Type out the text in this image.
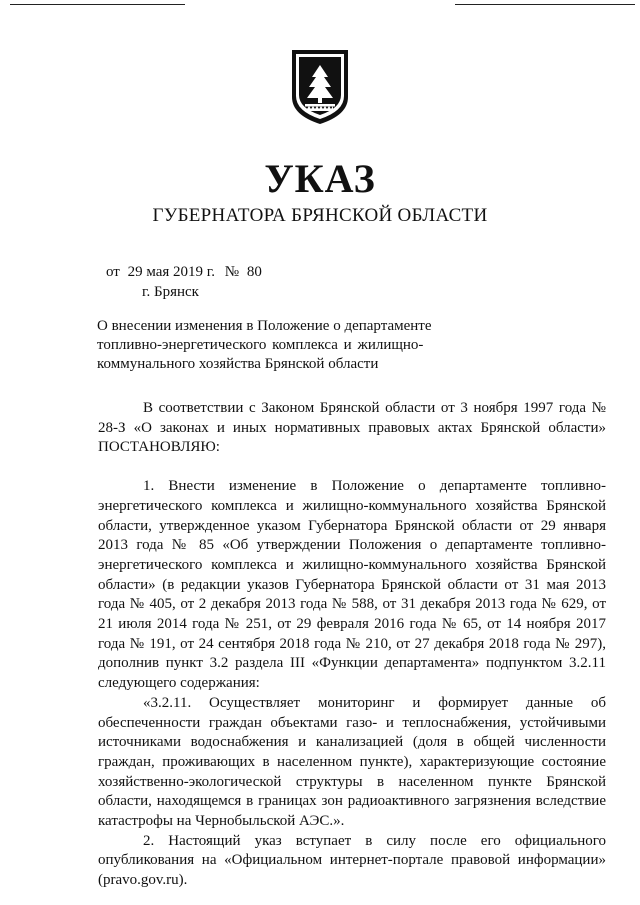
УКАЗ
ГУБЕРНАТОРА БРЯНСКОЙ ОБЛАСТИ
от 29 мая 2019 г. № 80
г. Брянск
О внесении изменения в Положение о департаменте
топливно-энергетического комплекса и жилищно-
коммунального хозяйства Брянской области

В соответствии с Законом Брянской области от 3 ноября 1997 года № 28-З «О законах и иных нормативных правовых актах Брянской области» ПОСТАНОВЛЯЮ:

1. Внести изменение в Положение о департаменте топливно-энергетического комплекса и жилищно-коммунального хозяйства Брянской области, утвержденное указом Губернатора Брянской области от 29 января 2013 года № 85 «Об утверждении Положения о департаменте топливно-энергетического комплекса и жилищно-коммунального хозяйства Брянской области» (в редакции указов Губернатора Брянской области от 31 мая 2013 года № 405, от 2 декабря 2013 года № 588, от 31 декабря 2013 года № 629, от 21 июля 2014 года № 251, от 29 февраля 2016 года № 65, от 14 ноября 2017 года № 191, от 24 сентября 2018 года № 210, от 27 декабря 2018 года № 297), дополнив пункт 3.2 раздела III «Функции департамента» подпунктом 3.2.11 следующего содержания:

«3.2.11. Осуществляет мониторинг и формирует данные об обеспеченности граждан объектами газо- и теплоснабжения, устойчивыми источниками водоснабжения и канализацией (доля в общей численности граждан, проживающих в населенном пункте), характеризующие состояние хозяйственно-экологической структуры в населенном пункте Брянской области, находящемся в границах зон радиоактивного загрязнения вследствие катастрофы на Чернобыльской АЭС.».

2. Настоящий указ вступает в силу после его официального опубликования на «Официальном интернет-портале правовой информации» (pravo.gov.ru).
